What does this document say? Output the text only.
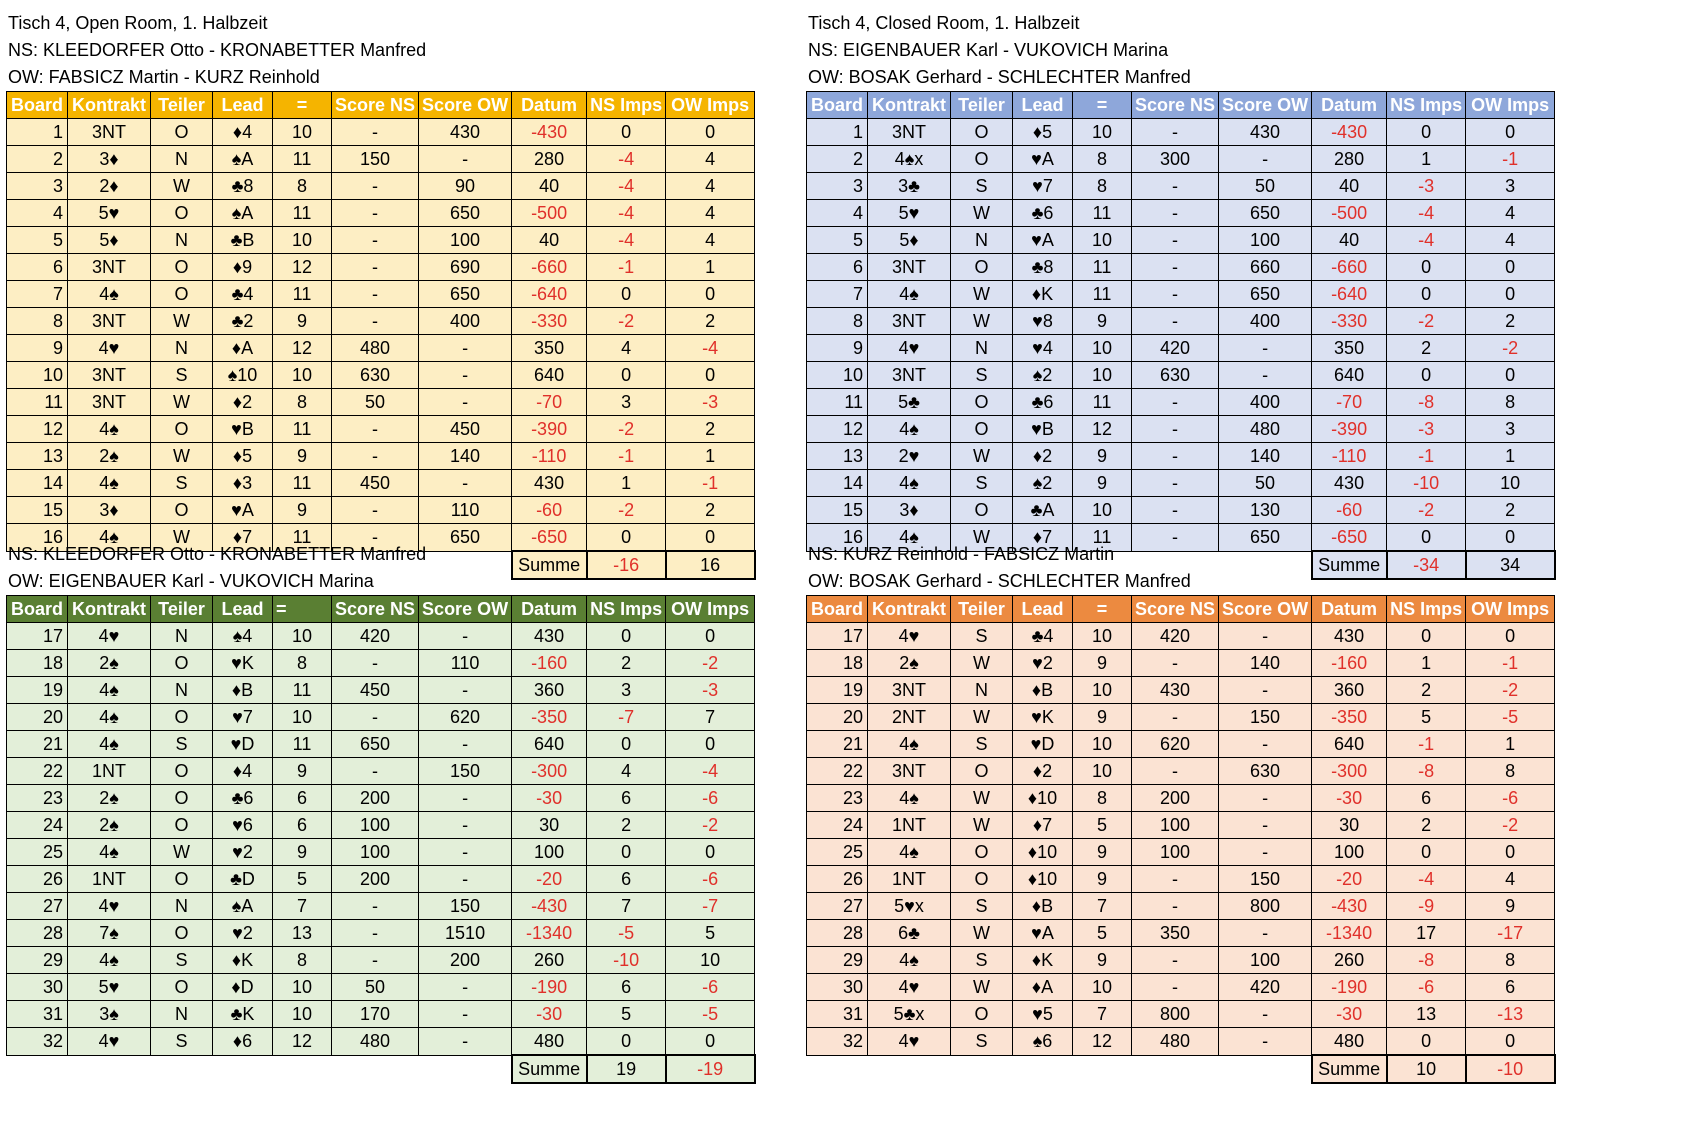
Tisch 4, Open Room, 1. Halbzeit
NS: KLEEDORFER Otto - KRONABETTER Manfred
OW: FABSICZ Martin - KURZ Reinhold
Board	Kontrakt	Teiler	Lead	=	Score NS	Score OW	Datum	NS Imps	OW Imps
1	3NT	O	♦4	10	-	430	-430	0	0
2	3♦	N	♠A	11	150	-	280	-4	4
3	2♦	W	♣8	8	-	90	40	-4	4
4	5♥	O	♠A	11	-	650	-500	-4	4
5	5♦	N	♣B	10	-	100	40	-4	4
6	3NT	O	♦9	12	-	690	-660	-1	1
7	4♠	O	♣4	11	-	650	-640	0	0
8	3NT	W	♣2	9	-	400	-330	-2	2
9	4♥	N	♦A	12	480	-	350	4	-4
10	3NT	S	♠10	10	630	-	640	0	0
11	3NT	W	♦2	8	50	-	-70	3	-3
12	4♠	O	♥B	11	-	450	-390	-2	2
13	2♠	W	♦5	9	-	140	-110	-1	1
14	4♠	S	♦3	11	450	-	430	1	-1
15	3♦	O	♥A	9	-	110	-60	-2	2
16	4♠	W	♦7	11	-	650	-650	0	0
							Summe	-16	16
Tisch 4, Closed Room, 1. Halbzeit
NS: EIGENBAUER Karl - VUKOVICH Marina
OW: BOSAK Gerhard - SCHLECHTER Manfred
Board	Kontrakt	Teiler	Lead	=	Score NS	Score OW	Datum	NS Imps	OW Imps
1	3NT	O	♦5	10	-	430	-430	0	0
2	4♠x	O	♥A	8	300	-	280	1	-1
3	3♣	S	♥7	8	-	50	40	-3	3
4	5♥	W	♣6	11	-	650	-500	-4	4
5	5♦	N	♥A	10	-	100	40	-4	4
6	3NT	O	♣8	11	-	660	-660	0	0
7	4♠	W	♦K	11	-	650	-640	0	0
8	3NT	W	♥8	9	-	400	-330	-2	2
9	4♥	N	♥4	10	420	-	350	2	-2
10	3NT	S	♠2	10	630	-	640	0	0
11	5♣	O	♣6	11	-	400	-70	-8	8
12	4♠	O	♥B	12	-	480	-390	-3	3
13	2♥	W	♦2	9	-	140	-110	-1	1
14	4♠	S	♠2	9	-	50	430	-10	10
15	3♦	O	♣A	10	-	130	-60	-2	2
16	4♠	W	♦7	11	-	650	-650	0	0
							Summe	-34	34
NS: KLEEDORFER Otto - KRONABETTER Manfred
OW: EIGENBAUER Karl - VUKOVICH Marina
Board	Kontrakt	Teiler	Lead	=	Score NS	Score OW	Datum	NS Imps	OW Imps
17	4♥	N	♠4	10	420	-	430	0	0
18	2♠	O	♥K	8	-	110	-160	2	-2
19	4♠	N	♦B	11	450	-	360	3	-3
20	4♠	O	♥7	10	-	620	-350	-7	7
21	4♠	S	♥D	11	650	-	640	0	0
22	1NT	O	♦4	9	-	150	-300	4	-4
23	2♠	O	♣6	6	200	-	-30	6	-6
24	2♠	O	♥6	6	100	-	30	2	-2
25	4♠	W	♥2	9	100	-	100	0	0
26	1NT	O	♣D	5	200	-	-20	6	-6
27	4♥	N	♠A	7	-	150	-430	7	-7
28	7♠	O	♥2	13	-	1510	-1340	-5	5
29	4♠	S	♦K	8	-	200	260	-10	10
30	5♥	O	♦D	10	50	-	-190	6	-6
31	3♠	N	♣K	10	170	-	-30	5	-5
32	4♥	S	♦6	12	480	-	480	0	0
							Summe	19	-19
NS: KURZ Reinhold - FABSICZ Martin
OW: BOSAK Gerhard - SCHLECHTER Manfred
Board	Kontrakt	Teiler	Lead	=	Score NS	Score OW	Datum	NS Imps	OW Imps
17	4♥	S	♣4	10	420	-	430	0	0
18	2♠	W	♥2	9	-	140	-160	1	-1
19	3NT	N	♦B	10	430	-	360	2	-2
20	2NT	W	♥K	9	-	150	-350	5	-5
21	4♠	S	♥D	10	620	-	640	-1	1
22	3NT	O	♦2	10	-	630	-300	-8	8
23	4♠	W	♦10	8	200	-	-30	6	-6
24	1NT	W	♦7	5	100	-	30	2	-2
25	4♠	O	♦10	9	100	-	100	0	0
26	1NT	O	♦10	9	-	150	-20	-4	4
27	5♥x	S	♦B	7	-	800	-430	-9	9
28	6♣	W	♥A	5	350	-	-1340	17	-17
29	4♠	S	♦K	9	-	100	260	-8	8
30	4♥	W	♦A	10	-	420	-190	-6	6
31	5♣x	O	♥5	7	800	-	-30	13	-13
32	4♥	S	♠6	12	480	-	480	0	0
							Summe	10	-10
